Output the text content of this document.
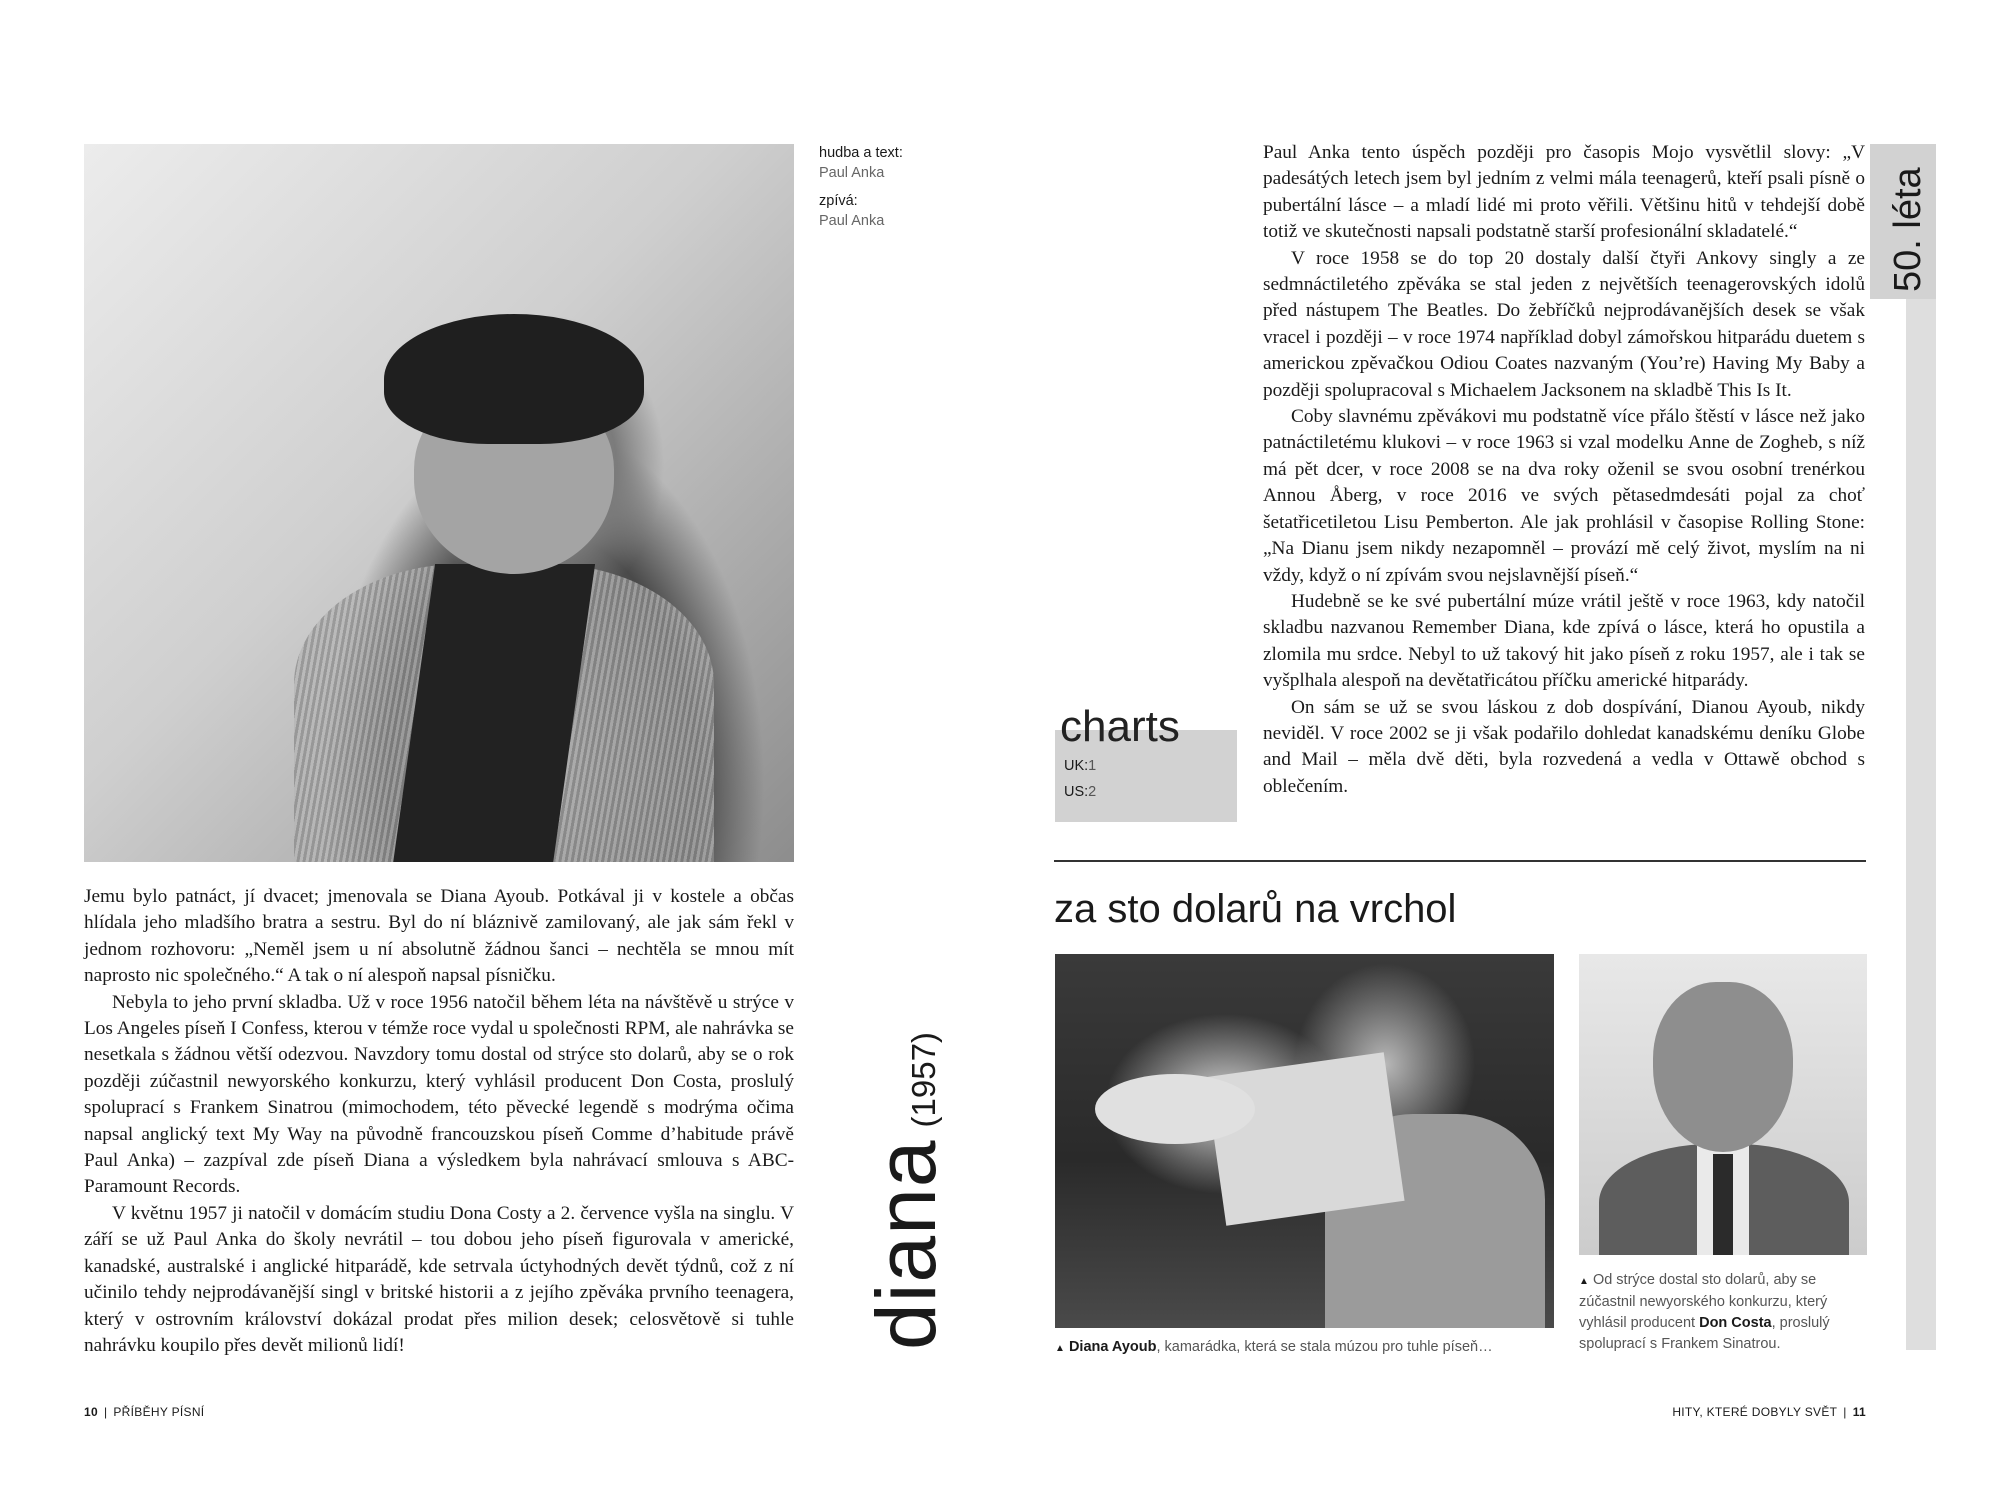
hudba a text:
Paul Anka
zpívá:
Paul Anka

Jemu bylo patnáct, jí dvacet; jmenovala se Diana Ayoub. Potkával ji v kostele a občas hlídala jeho mladšího bratra a sestru. Byl do ní bláznivě zamilovaný, ale jak sám řekl v jednom rozhovoru: „Neměl jsem u ní absolutně žádnou šanci – nechtěla se mnou mít naprosto nic společného.“ A tak o ní alespoň napsal písničku.

Nebyla to jeho první skladba. Už v roce 1956 natočil během léta na návštěvě u strýce v Los Angeles píseň I Confess, kterou v témže roce vydal u společnosti RPM, ale nahrávka se nesetkala s žádnou větší odezvou. Navzdory tomu dostal od strýce sto dolarů, aby se o rok později zúčastnil newyorského konkurzu, který vyhlásil producent Don Costa, proslulý spoluprací s Frankem Sinatrou (mimochodem, této pěvecké legendě s modrýma očima napsal anglický text My Way na původně francouzskou píseň Comme d’habitude právě Paul Anka) – zazpíval zde píseň Diana a výsledkem byla nahrávací smlouva s ABC-Paramount Records.

V květnu 1957 ji natočil v domácím studiu Dona Costy a 2. července vyšla na singlu. V září se už Paul Anka do školy nevrátil – tou dobou jeho píseň figurovala v americké, kanadské, australské i anglické hitparádě, kde setrvala úctyhodných devět týdnů, což z ní učinilo tehdy nejprodávanější singl v britské historii a z jejího zpěváka prvního teenagera, který v ostrovním království dokázal prodat přes milion desek; celosvětově si tuhle nahrávku koupilo přes devět milionů lidí!	diana(1957)
10 | PŘÍBĚHY PÍSNÍ
UK:1
US:2
charts

Paul Anka tento úspěch později pro časopis Mojo vysvětlil slovy: „V padesátých letech jsem byl jedním z velmi mála teenagerů, kteří psali písně o pubertální lásce – a mladí lidé mi proto věřili. Většinu hitů v tehdejší době totiž ve skutečnosti napsali podstatně starší profesionální skladatelé.“

V roce 1958 se do top 20 dostaly další čtyři Ankovy singly a ze sedmnáctiletého zpěváka se stal jeden z největších teenagerovských idolů před nástupem The Beatles. Do žebříčků nejprodávanějších desek se však vracel i později – v roce 1974 například dobyl zámořskou hitparádu duetem s americkou zpěvačkou Odiou Coates nazvaným (You’re) Having My Baby a později spolupracoval s Michaelem Jacksonem na skladbě This Is It.

Coby slavnému zpěvákovi mu podstatně více přálo štěstí v lásce než jako patnáctiletému klukovi – v roce 1963 si vzal modelku Anne de Zogheb, s níž má pět dcer, v roce 2008 se na dva roky oženil se svou osobní trenérkou Annou Åberg, v roce 2016 ve svých pětasedmdesáti pojal za choť šetatřicetiletou Lisu Pemberton. Ale jak prohlásil v časopise Rolling Stone: „Na Dianu jsem nikdy nezapomněl – provází mě celý život, myslím na ni vždy, když o ní zpívám svou nejslavnější píseň.“

Hudebně se ke své pubertální múze vrátil ještě v roce 1963, kdy natočil skladbu nazvanou Remember Diana, kde zpívá o lásce, která ho opustila a zlomila mu srdce. Nebyl to už takový hit jako píseň z roku 1957, ale i tak se vyšplhala alespoň na devětatřicátou příčku americké hitparády.

On sám se už se svou láskou z dob dospívání, Dianou Ayoub, nikdy neviděl. V roce 2002 se ji však podařilo dohledat kanadskému deníku Globe and Mail – měla dvě děti, byla rozvedená a vedla v Ottawě obchod s oblečením.

za sto dolarů na vrchol
▲ Diana Ayoub, kamarádka, která se stala múzou pro tuhle píseň…
▲ Od strýce dostal sto dolarů, aby se zúčastnil newyorského konkurzu, který vyhlásil producent Don Costa, proslulý spoluprací s Frankem Sinatrou.
50. léta
HITY, KTERÉ DOBYLY SVĚT | 11
